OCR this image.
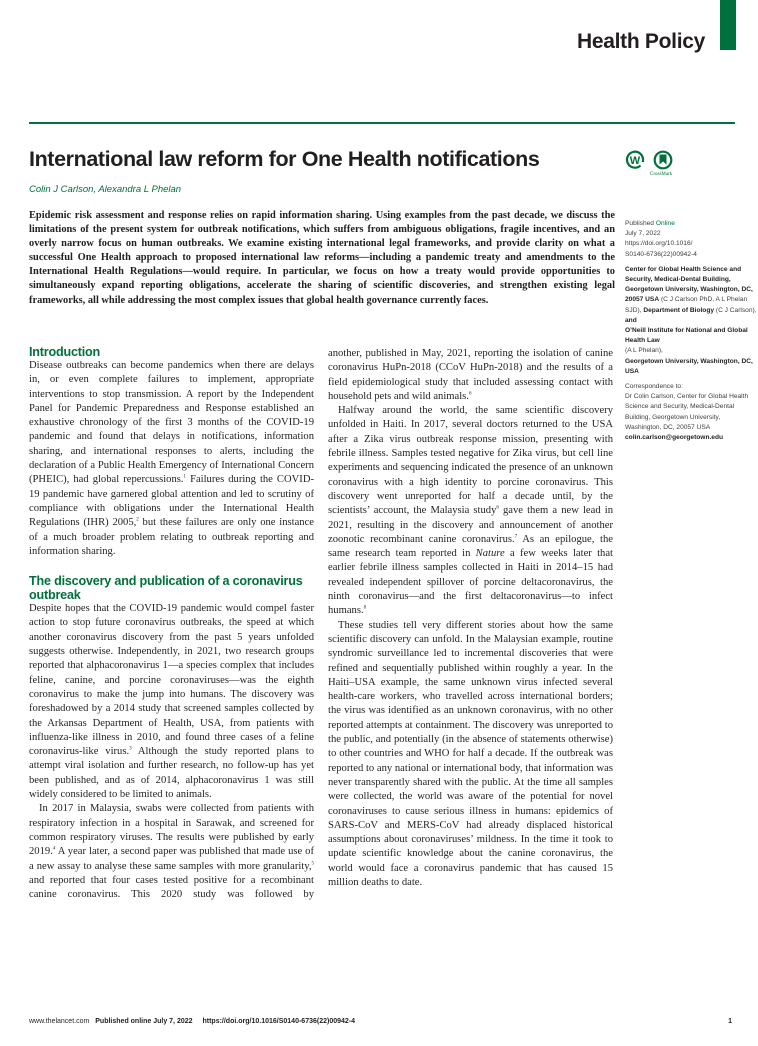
Health Policy
International law reform for One Health notifications
Colin J Carlson, Alexandra L Phelan
W
CrossMark
Epidemic risk assessment and response relies on rapid information sharing. Using examples from the past decade, we discuss the limitations of the present system for outbreak notifications, which suffers from ambiguous obligations, fragile incentives, and an overly narrow focus on human outbreaks. We examine existing international legal frameworks, and provide clarity on what a successful One Health approach to proposed international law reforms—including a pandemic treaty and amendments to the International Health Regulations—would require. In particular, we focus on how a treaty would provide opportunities to simultaneously expand reporting obligations, accelerate the sharing of scientific discoveries, and strengthen existing legal frameworks, all while addressing the most complex issues that global health governance currently faces.
Published Online
July 7, 2022
https://doi.org/10.1016/
S0140-6736(22)00942-4
Center for Global Health Science and Security, Medical-Dental Building, Georgetown University, Washington, DC, 20057 USA (C J Carlson PhD, A L Phelan SJD), Department of Biology (C J Carlson), and
O’Neill Institute for National and Global Health Law
(A L Phelan),
Georgetown University, Washington, DC, USA
Correspondence to:
Dr Colin Carlson, Center for Global Health Science and Security, Medical-Dental Building, Georgetown University, Washington, DC, 20057 USA
colin.carlson@georgetown.edu
Introduction

Disease outbreaks can become pandemics when there are delays in, or even complete failures to implement, appropriate interventions to stop transmission. A report by the Independent Panel for Pandemic Preparedness and Response established an exhaustive chronology of the first 3 months of the COVID-19 pandemic and found that delays in notifications, information sharing, and international responses to alerts, including the declaration of a Public Health Emergency of International Concern (PHEIC), had global repercussions.$^1$ Failures during the COVID-19 pandemic have garnered global attention and led to scrutiny of compliance with obligations under the International Health Regulations (IHR) 2005,$^2$ but these failures are only one instance of a much broader problem relating to outbreak reporting and information sharing.

The discovery and publication of a coronavirus outbreak

Despite hopes that the COVID-19 pandemic would compel faster action to stop future coronavirus outbreaks, the speed at which another coronavirus discovery from the past 5 years unfolded suggests otherwise. Independently, in 2021, two research groups reported that alphacoronavirus 1—a species complex that includes feline, canine, and porcine coronaviruses—was the eighth coronavirus to make the jump into humans. The discovery was foreshadowed by a 2014 study that screened samples collected by the Arkansas Department of Health, USA, from patients with influenza-like illness in 2010, and found three cases of a feline coronavirus-like virus.$^3$ Although the study reported plans to attempt viral isolation and further research, no follow-up has yet been published, and as of 2014, alphacoronavirus 1 was still widely considered to be limited to animals.

In 2017 in Malaysia, swabs were collected from patients with respiratory infection in a hospital in Sarawak, and screened for common respiratory viruses. The results were published by early 2019.$^4$ A year later, a second paper was published that made use of a new assay to analyse these same samples with more granularity,$^5$ and reported that four cases tested positive for a recombinant canine coronavirus. This 2020 study was followed by

another, published in May, 2021, reporting the isolation of canine coronavirus HuPn-2018 (CCoV HuPn-2018) and the results of a field epidemiological study that included assessing contact with household pets and wild animals.$^6$

Halfway around the world, the same scientific discovery unfolded in Haiti. In 2017, several doctors returned to the USA after a Zika virus outbreak response mission, presenting with febrile illness. Samples tested negative for Zika virus, but cell line experiments and sequencing indicated the presence of an unknown coronavirus with a high identity to porcine coronavirus. This discovery went unreported for half a decade until, by the scientists’ account, the Malaysia study$^6$ gave them a new lead in 2021, resulting in the discovery and announcement of another zoonotic recombinant canine coronavirus.$^7$ As an epilogue, the same research team reported in Nature a few weeks later that earlier febrile illness samples collected in Haiti in 2014–15 had revealed independent spillover of porcine deltacoronavirus, the ninth coronavirus—and the first deltacoronavirus—to infect humans.$^8$

These studies tell very different stories about how the same scientific discovery can unfold. In the Malaysian example, routine syndromic surveillance led to incremental discoveries that were refined and sequentially published within roughly a year. In the Haiti–USA example, the same unknown virus infected several health-care workers, who travelled across international borders; the virus was identified as an unknown coronavirus, with no other reported attempts at containment. The discovery was unreported to the public, and potentially (in the absence of statements otherwise) to other countries and WHO for half a decade. If the outbreak was reported to any national or international body, that information was never transparently shared with the public. At the time all samples were collected, the world was aware of the potential for novel coronaviruses to cause serious illness in humans: epidemics of SARS-CoV and MERS-CoV had already displaced historical assumptions about coronaviruses’ mildness. In the time it took to update scientific knowledge about the canine coronavirus, the world would face a coronavirus pandemic that has caused 15 million deaths to date.

www.thelancet.com Published online July 7, 2022 https://doi.org/10.1016/S0140-6736(22)00942-4	1
